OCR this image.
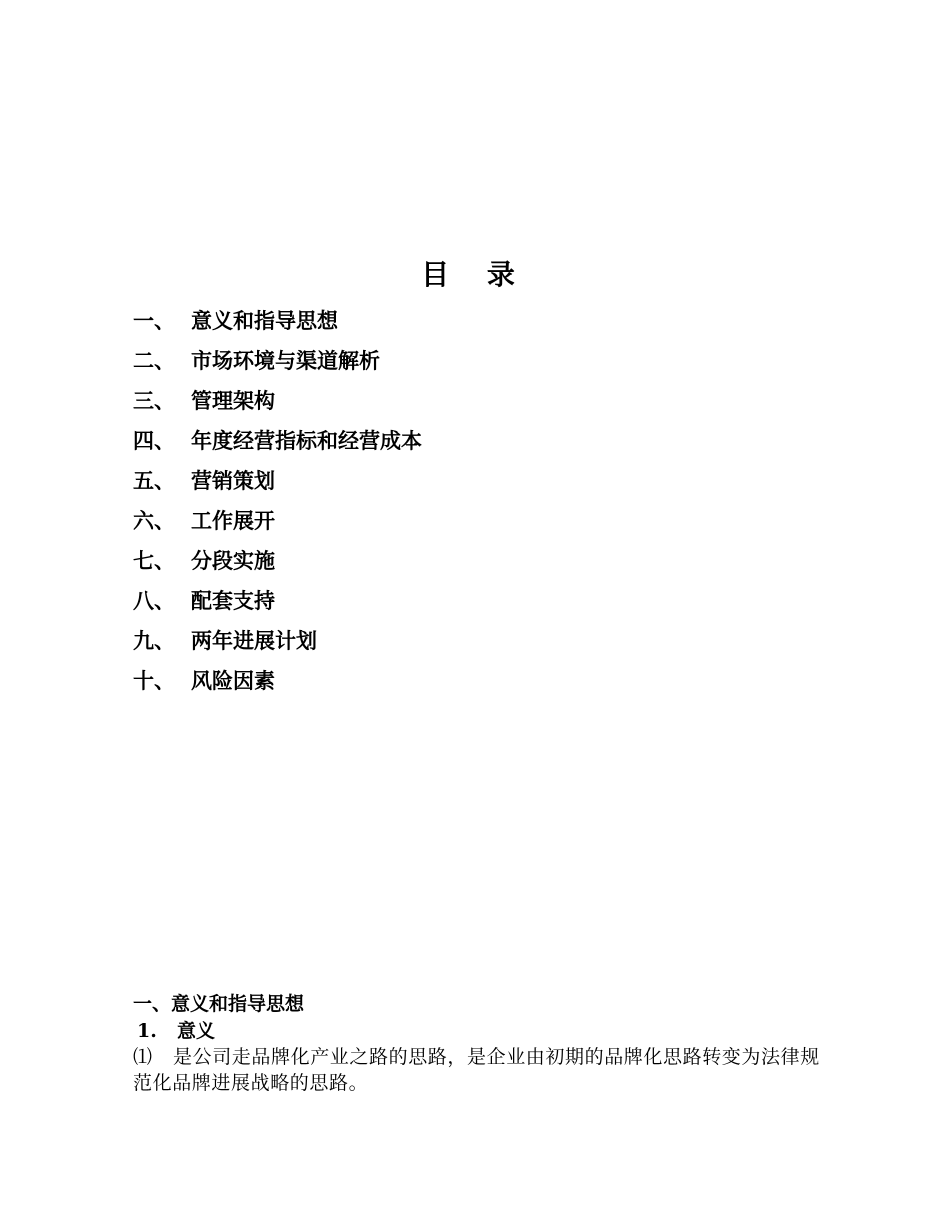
目 录
一、 意义和指导思想
二、 市场环境与渠道解析
三、 管理架构
四、 年度经营指标和经营成本
五、 营销策划
六、 工作展开
七、 分段实施
八、 配套支持
九、 两年进展计划
十、 风险因素
一、意义和指导思想
1. 意义

⑴ 是公司走品牌化产业之路的思路，是企业由初期的品牌化思路转变为法律规范化品牌进展战略的思路。
